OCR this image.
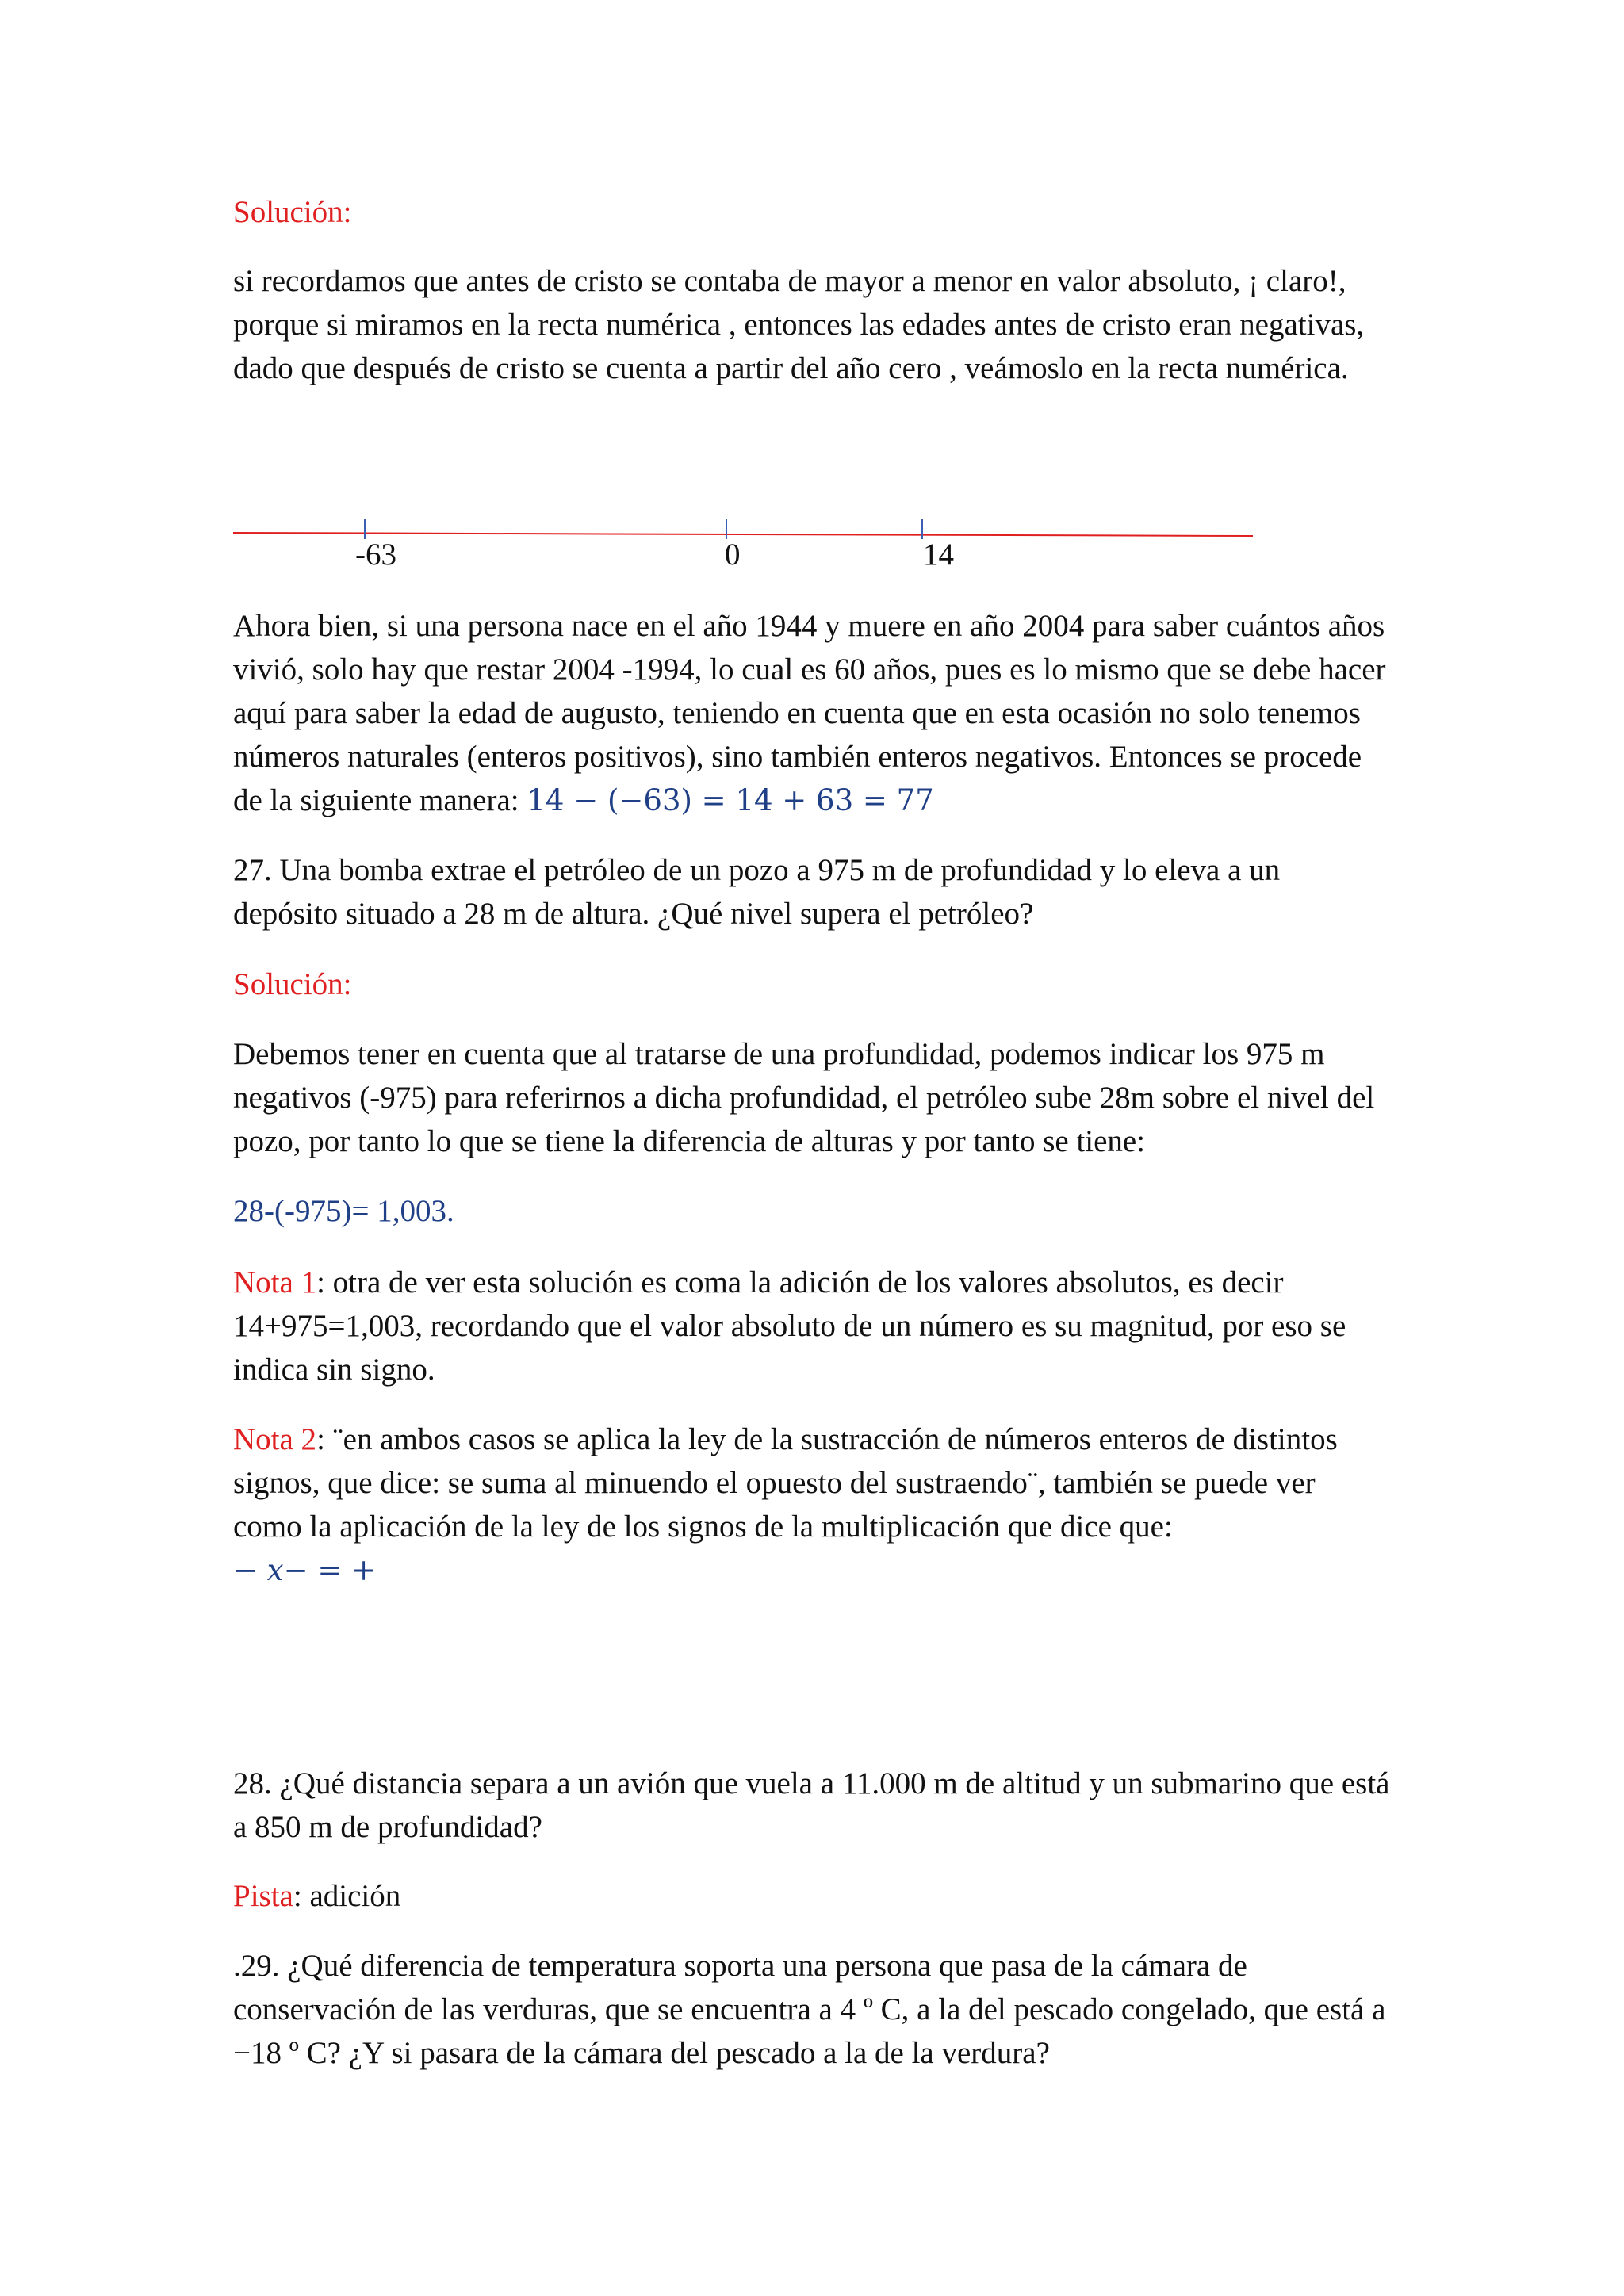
Solución:

si recordamos que antes de cristo se contaba de mayor a menor en valor absoluto, ¡ claro!, porque si miramos en la recta numérica , entonces las edades antes de cristo eran negativas, dado que después de cristo se cuenta a partir del año cero , veámoslo en la recta numérica.

-63	0	14

Ahora bien, si una persona nace en el año 1944 y muere en año 2004 para saber cuántos años vivió, solo hay que restar 2004 -1994, lo cual es 60 años, pues es lo mismo que se debe hacer aquí para saber la edad de augusto, teniendo en cuenta que en esta ocasión no solo tenemos números naturales (enteros positivos), sino también enteros negativos. Entonces se procede de la siguiente manera: 14 − (−63) = 14 + 63 = 77

27. Una bomba extrae el petróleo de un pozo a 975 m de profundidad y lo eleva a un depósito situado a 28 m de altura. ¿Qué nivel supera el petróleo?

Solución:

Debemos tener en cuenta que al tratarse de una profundidad, podemos indicar los 975 m negativos (-975) para referirnos a dicha profundidad, el petróleo sube 28m sobre el nivel del pozo, por tanto lo que se tiene la diferencia de alturas y por tanto se tiene:

28-(-975)= 1,003.

Nota 1: otra de ver esta solución es coma la adición de los valores absolutos, es decir 14+975=1,003, recordando que el valor absoluto de un número es su magnitud, por eso se indica sin signo.

Nota 2: ¨en ambos casos se aplica la ley de la sustracción de números enteros de distintos signos, que dice: se suma al minuendo el opuesto del sustraendo¨, también se puede ver como la aplicación de la ley de los signos de la multiplicación que dice que:
− x− = +

28. ¿Qué distancia separa a un avión que vuela a 11.000 m de altitud y un submarino que está a 850 m de profundidad?

Pista: adición

.29. ¿Qué diferencia de temperatura soporta una persona que pasa de la cámara de conservación de las verduras, que se encuentra a 4 º C, a la del pescado congelado, que está a −18 º C? ¿Y si pasara de la cámara del pescado a la de la verdura?
